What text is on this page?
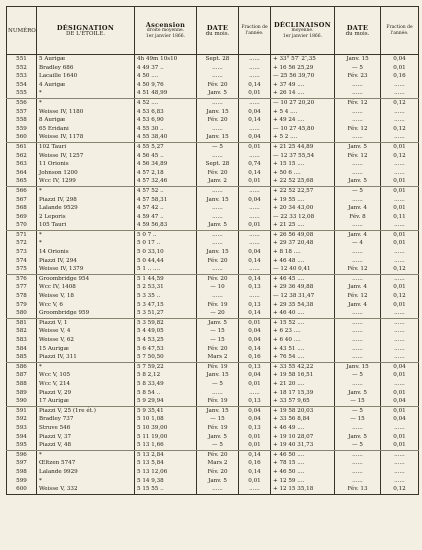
NUMÉRO.	DÉSIGNATION
DE L'ÉTOILE.	Ascension
droite moyenne.
1er janvier 1866.	DATE
du mois.	Fraction de l'année.	DÉCLINAISON
moyenne.
1er janvier 1866.	DATE
du mois.	Fraction de l'année.

551	5 Aurigæ	4h 49m 10s10	Sept. 28	......	+ 33° 57′ 2″,35	Janv. 15	0,04
552	Bradley 686	4 49 37 ..	......	......	+ 16 56 25,29	— 5	0,01
553	Lacaille 1640	4 50 ....	......	......	— 25 56 39,70	Fév. 23	0,16
554	4 Aurigæ	4 50 9,76	Fév. 20	0,14	+ 37 49 ....	......	......
555	*	4 51 48,99	Janv. 5	0,01	+ 26 14 ....	......	......
556	*	4 52 ....	......	......	— 10 27 20,20	Fév. 12	0,12
557	Weisse IV, 1180	4 53 6,83	Janv. 15	0,04	+ 5 4 ....	......	......
558	8 Aurigæ	4 53 6,90	Fév. 20	0,14	+ 49 24 ....	......	......
559	65 Eridani	4 55 30 ..	......	......	— 10 27 45,80	Fév. 12	0,12
560	Weisse IV, 1178	4 55 38,40	Janv. 15	0,04	+ 5 2 ....	......	......
561	102 Tauri	4 55 5,27	— 5	0,01	+ 21 25 44,89	Janv. 5	0,01
562	Weisse IV, 1257	4 56 45 ..	......	......	— 12 37 55,54	Fév. 12	0,12
563	11 Orionis	4 56 34,89	Sept. 28	0,74	+ 15 15 ....	......	......
564	Johnson 1200	4 57 2,18	Fév. 20	0,14	+ 50 6 ....	......	......
565	Wcc IV, 1299	4 57 32,46	Janv. 2	0,01	+ 22 52 25,68	Janv. 5	0,01
566	*	4 57 52 ..	......	......	+ 22 52 22,57	— 5	0,01
567	Piazzi IV, 298	4 57 58,31	Janv. 15	0,04	+ 19 55 ....	......	......
568	Lalande 9529	4 57 42 ..	......	......	+ 20 34 43,00	Janv. 4	0,01
569	2 Leporis	4 59 47 ..	......	......	— 22 33 12,08	Fév. 8	0,11
570	105 Tauri	4 59 56,83	Janv. 5	0,01	+ 21 25 ....	......	......
571	*	5 0 7 ..	......	......	+ 26 56 49,08	Janv. 4	0,01
572	*	5 0 17 ..	......	......	+ 29 37 20,48	— 4	0,01
573	14 Orionis	5 0 33,10	Janv. 15	0,04	+ 8 18 ....	......	......
574	Piazzi IV, 294	5 0 44,44	Fév. 20	0,14	+ 46 48 ....	......	......
575	Weisse IV, 1379	5 1 .. ....	......	......	— 12 40 0,41	Fév. 12	0,12
576	Groombridge 954	5 1 44,59	Fév. 20	0,14	+ 46 45 ....	......	......
577	Wcc IV, 1408	5 2 53,31	— 10	0,13	+ 29 36 49,88	Janv. 4	0,01
578	Weisse V, 18	5 3 35 ..	......	......	— 12 38 31,47	Fév. 12	0,12
579	Wcc V, 6	5 3 47,15	Fév. 19	0,13	+ 29 35 54,38	Janv. 4	0,01
580	Groombridge 959	5 3 51,27	— 20	0,14	+ 46 40 ....	......	......
581	Piazzi V, 1	5 3 59,82	Janv. 5	0,01	+ 15 52 ....	......	......
582	Weisse V, 4	5 4 49,05	— 15	0,04	+ 6 23 ....	......	......
583	Weisse V, 62	5 4 53,25	— 15	0,04	+ 6 40 ....	......	......
584	15 Aurigæ	5 6 47,53	Fév. 20	0,14	+ 43 51 ....	......	......
585	Piazzi IV, 311	5 7 50,50	Mars 2	0,16	+ 76 54 ....	......	......
586	*	5 7 59,22	Fév. 19	0,13	+ 33 55 42,22	Janv. 15	0,04
587	Wcc V, 105	5 8 2,12	Janv. 15	0,04	+ 19 58 16,51	— 5	0,01
588	Wcc V, 214	5 8 33,49	— 5	0,01	+ 21 20 ....	......	......
589	Piazzi V, 29	5 8 54 ..	......	......	+ 18 17 15,39	Janv. 5	0,01
590	17 Aurigæ	5 9 29,94	Fév. 19	0,13	+ 33 57 9,65	— 15	0,04
591	Piazzi V, 25 (1re ét.)	5 9 35,41	Janv. 15	0,04	+ 19 58 20,03	— 5	0,01
592	Bradley 737	5 10 1,08	— 15	0,04	+ 33 56 8,84	— 15	0,04
593	Struve 546	5 10 39,00	Fév. 19	0,13	+ 46 49 ....	......	......
594	Piazzi V, 37	5 11 19,00	Janv. 5	0,01	+ 19 10 28,07	Janv. 5	0,01
595	Piazzi V, 48	5 13 1,66	— 5	0,01	+ 19 40 31,73	— 5	0,01
596	*	5 13 2,84	Fév. 20	0,14	+ 46 50 ....	......	......
597	Œltzen 5747	5 13 5,84	Mars 2	0,16	+ 78 15 ....	......	......
598	Lalande 9929	5 13 12,06	Fév. 20	0,14	+ 46 50 ....	......	......
599	*	5 14 9,38	Janv. 5	0,01	+ 12 59 ....	......	......
600	Weisse V, 332	5 15 55 ..	......	......	+ 12 15 35,18	Fév. 13	0,12
